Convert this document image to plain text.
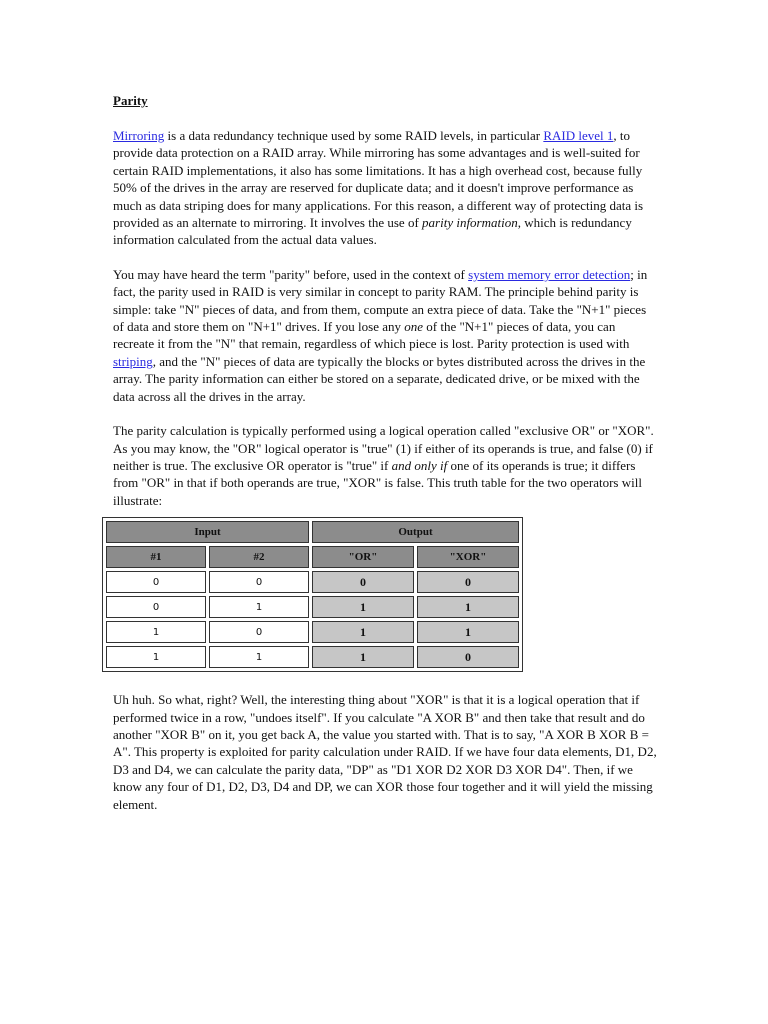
Parity

Mirroring is a data redundancy technique used by some RAID levels, in particular RAID level 1, to provide data protection on a RAID array. While mirroring has some advantages and is well-suited for certain RAID implementations, it also has some limitations. It has a high overhead cost, because fully 50% of the drives in the array are reserved for duplicate data; and it doesn't improve performance as much as data striping does for many applications. For this reason, a different way of protecting data is provided as an alternate to mirroring. It involves the use of parity information, which is redundancy information calculated from the actual data values.

You may have heard the term "parity" before, used in the context of system memory error detection; in fact, the parity used in RAID is very similar in concept to parity RAM. The principle behind parity is simple: take "N" pieces of data, and from them, compute an extra piece of data. Take the "N+1" pieces of data and store them on "N+1" drives. If you lose any one of the "N+1" pieces of data, you can recreate it from the "N" that remain, regardless of which piece is lost. Parity protection is used with striping, and the "N" pieces of data are typically the blocks or bytes distributed across the drives in the array. The parity information can either be stored on a separate, dedicated drive, or be mixed with the data across all the drives in the array.

The parity calculation is typically performed using a logical operation called "exclusive OR" or "XOR". As you may know, the "OR" logical operator is "true" (1) if either of its operands is true, and false (0) if neither is true. The exclusive OR operator is "true" if and only if one of its operands is true; it differs from "OR" in that if both operands are true, "XOR" is false. This truth table for the two operators will illustrate:

Input		Output	
#1	#2	"OR"	"XOR"
0	0	0	0
0	1	1	1
1	0	1	1
1	1	1	0

Uh huh. So what, right? Well, the interesting thing about "XOR" is that it is a logical operation that if performed twice in a row, "undoes itself". If you calculate "A XOR B" and then take that result and do another "XOR B" on it, you get back A, the value you started with. That is to say, "A XOR B XOR B = A". This property is exploited for parity calculation under RAID. If we have four data elements, D1, D2, D3 and D4, we can calculate the parity data, "DP" as "D1 XOR D2 XOR D3 XOR D4". Then, if we know any four of D1, D2, D3, D4 and DP, we can XOR those four together and it will yield the missing element.
